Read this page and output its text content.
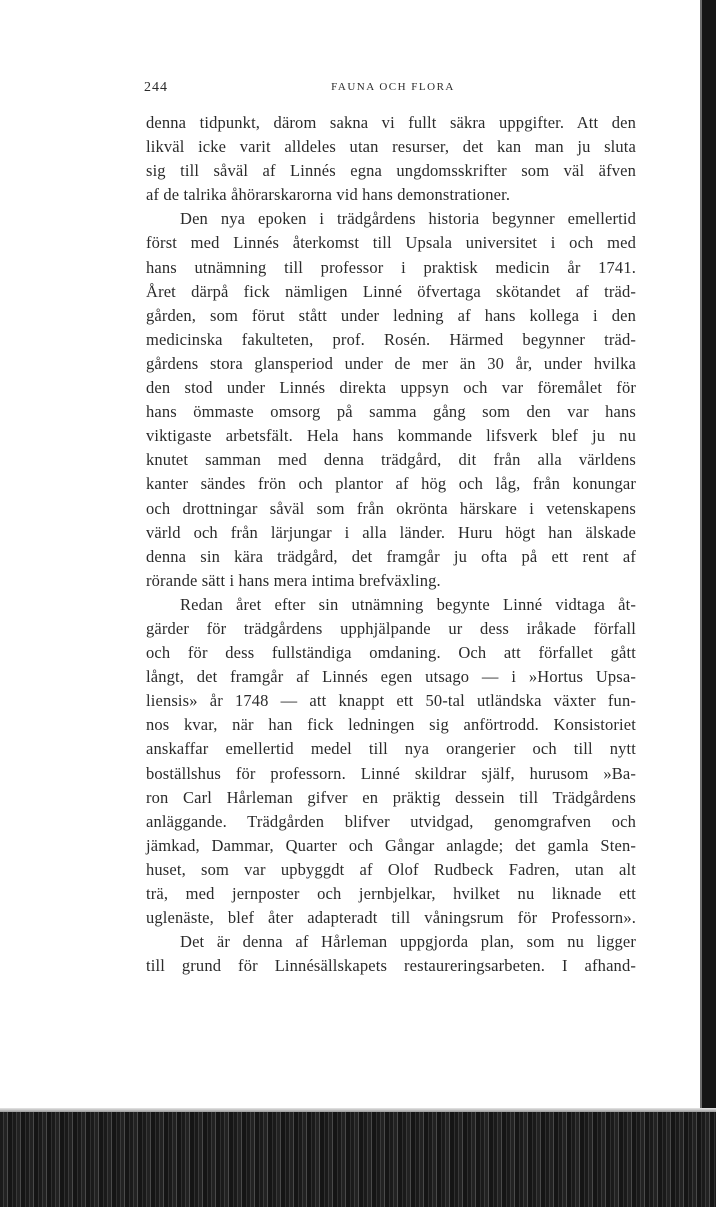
244	FAUNA OCH FLORA
denna tidpunkt, därom sakna vi fullt säkra uppgifter. Att den
likväl icke varit alldeles utan resurser, det kan man ju sluta
sig till såväl af Linnés egna ungdomsskrifter som väl äfven
af de talrika åhörarskarorna vid hans demonstrationer.
Den nya epoken i trädgårdens historia begynner emellertid
först med Linnés återkomst till Upsala universitet i och med
hans utnämning till professor i praktisk medicin år 1741.
Året därpå fick nämligen Linné öfvertaga skötandet af träd-
gården, som förut stått under ledning af hans kollega i den
medicinska fakulteten, prof. Rosén. Härmed begynner träd-
gårdens stora glansperiod under de mer än 30 år, under hvilka
den stod under Linnés direkta uppsyn och var föremålet för
hans ömmaste omsorg på samma gång som den var hans
viktigaste arbetsfält. Hela hans kommande lifsverk blef ju nu
knutet samman med denna trädgård, dit från alla världens
kanter sändes frön och plantor af hög och låg, från konungar
och drottningar såväl som från okrönta härskare i vetenskapens
värld och från lärjungar i alla länder. Huru högt han älskade
denna sin kära trädgård, det framgår ju ofta på ett rent af
rörande sätt i hans mera intima brefväxling.
Redan året efter sin utnämning begynte Linné vidtaga åt-
gärder för trädgårdens upphjälpande ur dess iråkade förfall
och för dess fullständiga omdaning. Och att förfallet gått
långt, det framgår af Linnés egen utsago — i »Hortus Upsa-
liensis» år 1748 — att knappt ett 50-tal utländska växter fun-
nos kvar, när han fick ledningen sig anförtrodd. Konsistoriet
anskaffar emellertid medel till nya orangerier och till nytt
boställshus för professorn. Linné skildrar själf, hurusom »Ba-
ron Carl Hårleman gifver en präktig dessein till Trädgårdens
anläggande. Trädgården blifver utvidgad, genomgrafven och
jämkad, Dammar, Quarter och Gångar anlagde; det gamla Sten-
huset, som var upbyggdt af Olof Rudbeck Fadren, utan alt
trä, med jernposter och jernbjelkar, hvilket nu liknade ett
uglenäste, blef åter adapteradt till våningsrum för Professorn».
Det är denna af Hårleman uppgjorda plan, som nu ligger
till grund för Linnésällskapets restaureringsarbeten. I afhand-
